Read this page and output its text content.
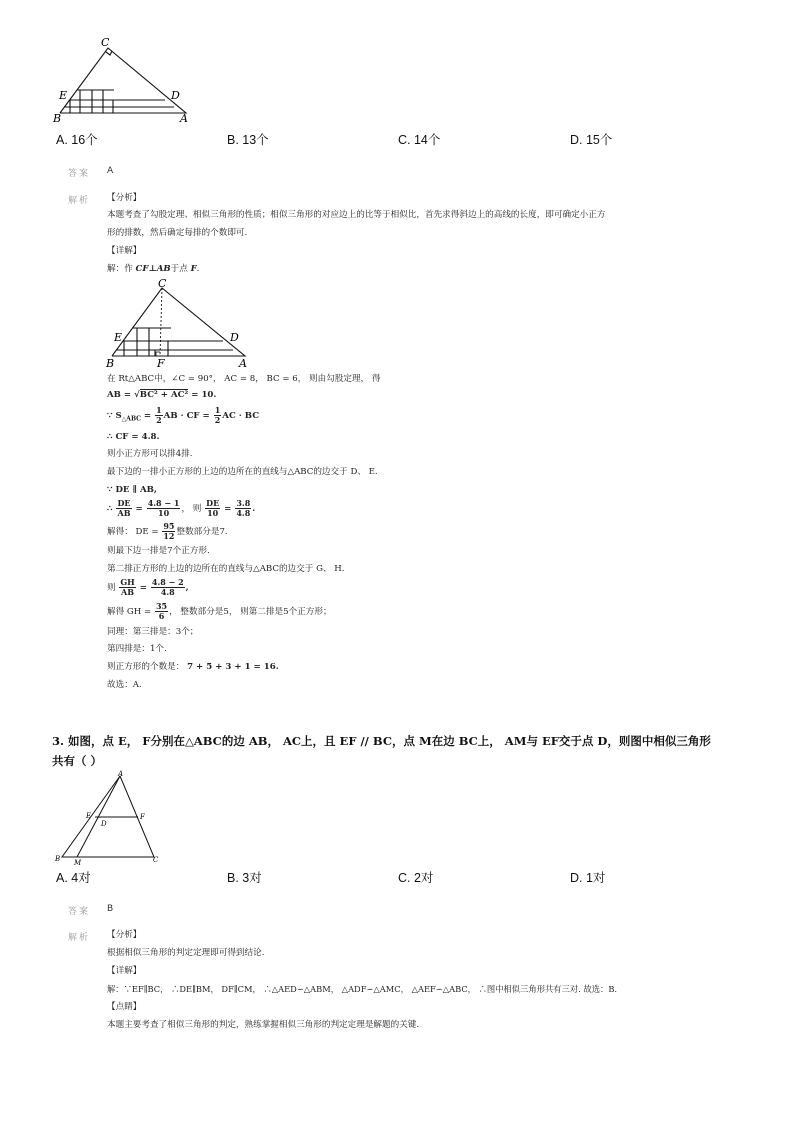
C
E	D
B	A
A. 16个	B. 13个	C. 14个	D. 15个
答案 A
解析 【分析】
本题考查了勾股定理、相似三角形的性质；相似三角形的对应边上的比等于相似比，首先求得斜边上的高线的长度，即可确定小正方
形的排数，然后确定每排的个数即可.
【详解】
解：作 CF⊥AB于点 F.
C
E	D
B	F	A
在 Rt△ABC中，∠C = 90°， AC = 8， BC = 6， 则由勾股定理， 得
AB = √BC² + AC² = 10.
∵ $S_{\triangle ABC} = \frac{1}{2}$ AB · CF = $\frac{1}{2}$ AC · BC
∴ CF = 4.8.
则小正方形可以排4排.
最下边的一排小正方形的上边的边所在的直线与△ABC的边交于 D、 E.
∵ DE ∥ AB,
∴ $\frac{DE}{AB} = \frac{4.8 - 1}{10}$ ， 则 $\frac{DE}{10} = \frac{3.8}{4.8}$ .
解得： DE = $\frac{95}{12}$ 整数部分是7.
则最下边一排是7个正方形.
第二排正方形的上边的边所在的直线与△ABC的边交于 G、 H.
则 $\frac{GH}{AB} = \frac{4.8 - 2}{4.8}$ ,
解得 GH = $\frac{35}{6}$ ， 整数部分是5， 则第二排是5个正方形；
同理：第三排是：3个；
第四排是：1个.
则正方形的个数是： 7 + 5 + 3 + 1 = 16.
故选：A.
3. 如图，点 E， F分别在△ABC的边 AB， AC上，且 EF // BC，点 M在边 BC上， AM与 EF交于点 D，则图中相似三角形
共有（ ）
A
E	F
D
B M	C
A. 4对	B. 3对	C. 2对	D. 1对
答案 B
解析 【分析】
根据相似三角形的判定定理即可得到结论.
【详解】
解：∵EF∥BC， ∴DE∥BM， DF∥CM， ∴△AED∽△ABM， △ADF∽△AMC， △AEF∽△ABC， ∴图中相似三角形共有三对. 故选：B.
【点睛】
本题主要考查了相似三角形的判定，熟练掌握相似三角形的判定定理是解题的关键.
